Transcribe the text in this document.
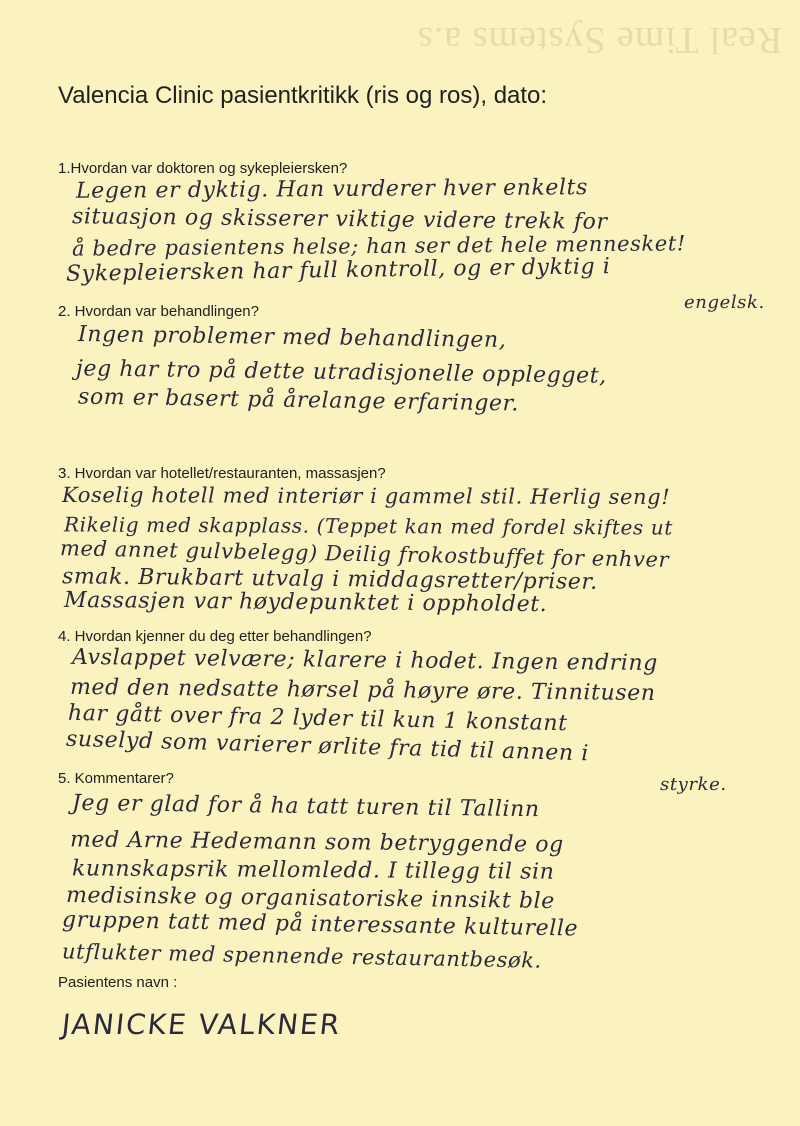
Real Time Systems a.s
Valencia Clinic pasientkritikk (ris og ros), dato:
1.Hvordan var doktoren og sykepleiersken?
Legen er dyktig. Han vurderer hver enkelts
situasjon og skisserer viktige videre trekk for
å bedre pasientens helse; han ser det hele mennesket!
Sykepleiersken har full kontroll, og er dyktig i
engelsk.
2. Hvordan var behandlingen?
Ingen problemer med behandlingen,
jeg har tro på dette utradisjonelle opplegget,
som er basert på årelange erfaringer.
3. Hvordan var hotellet/restauranten, massasjen?
Koselig hotell med interiør i gammel stil. Herlig seng!
Rikelig med skapplass. (Teppet kan med fordel skiftes ut
med annet gulvbelegg) Deilig frokostbuffet for enhver
smak. Brukbart utvalg i middagsretter/priser.
Massasjen var høydepunktet i oppholdet.
4. Hvordan kjenner du deg etter behandlingen?
Avslappet velvære; klarere i hodet. Ingen endring
med den nedsatte hørsel på høyre øre. Tinnitusen
har gått over fra 2 lyder til kun 1 konstant
suselyd som varierer ørlite fra tid til annen i
styrke.
5. Kommentarer?
Jeg er glad for å ha tatt turen til Tallinn
med Arne Hedemann som betryggende og
kunnskapsrik mellomledd. I tillegg til sin
medisinske og organisatoriske innsikt ble
gruppen tatt med på interessante kulturelle
utflukter med spennende restaurantbesøk.
Pasientens navn :
JANICKE VALKNER
